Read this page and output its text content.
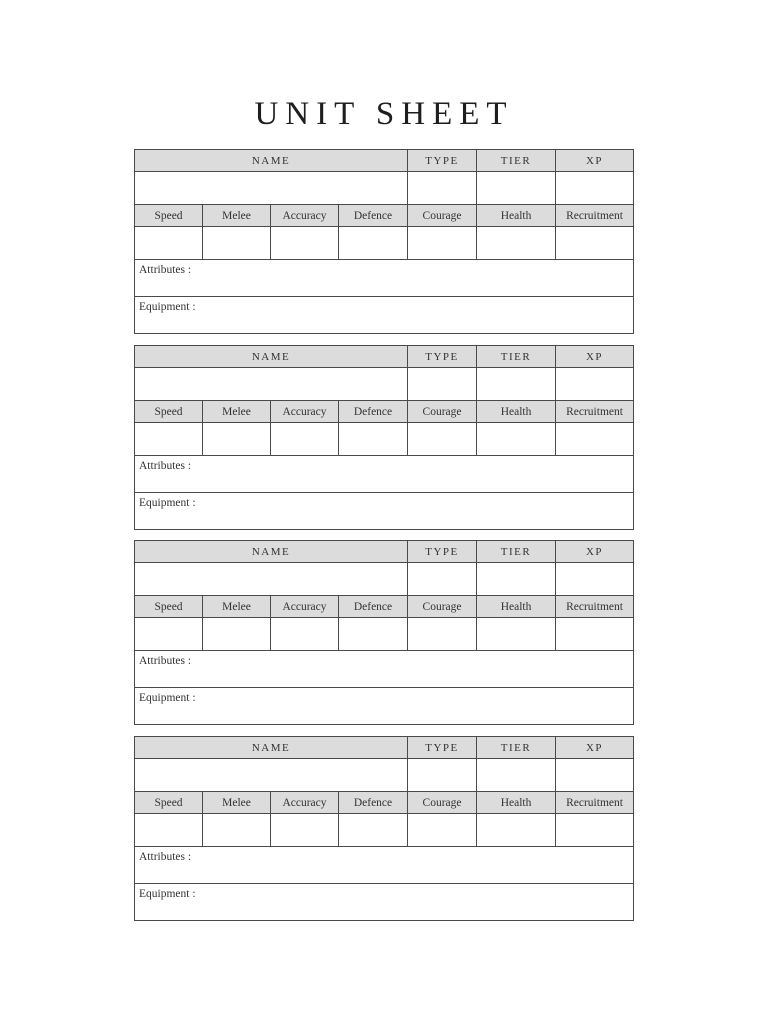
UNIT SHEET
NAME				TYPE	TIER	XP

Speed	Melee	Accuracy	Defence	Courage	Health	Recruitment

Attributes :						
Equipment :						
NAME				TYPE	TIER	XP

Speed	Melee	Accuracy	Defence	Courage	Health	Recruitment

Attributes :						
Equipment :						
NAME				TYPE	TIER	XP

Speed	Melee	Accuracy	Defence	Courage	Health	Recruitment

Attributes :						
Equipment :						
NAME				TYPE	TIER	XP

Speed	Melee	Accuracy	Defence	Courage	Health	Recruitment

Attributes :						
Equipment :						
